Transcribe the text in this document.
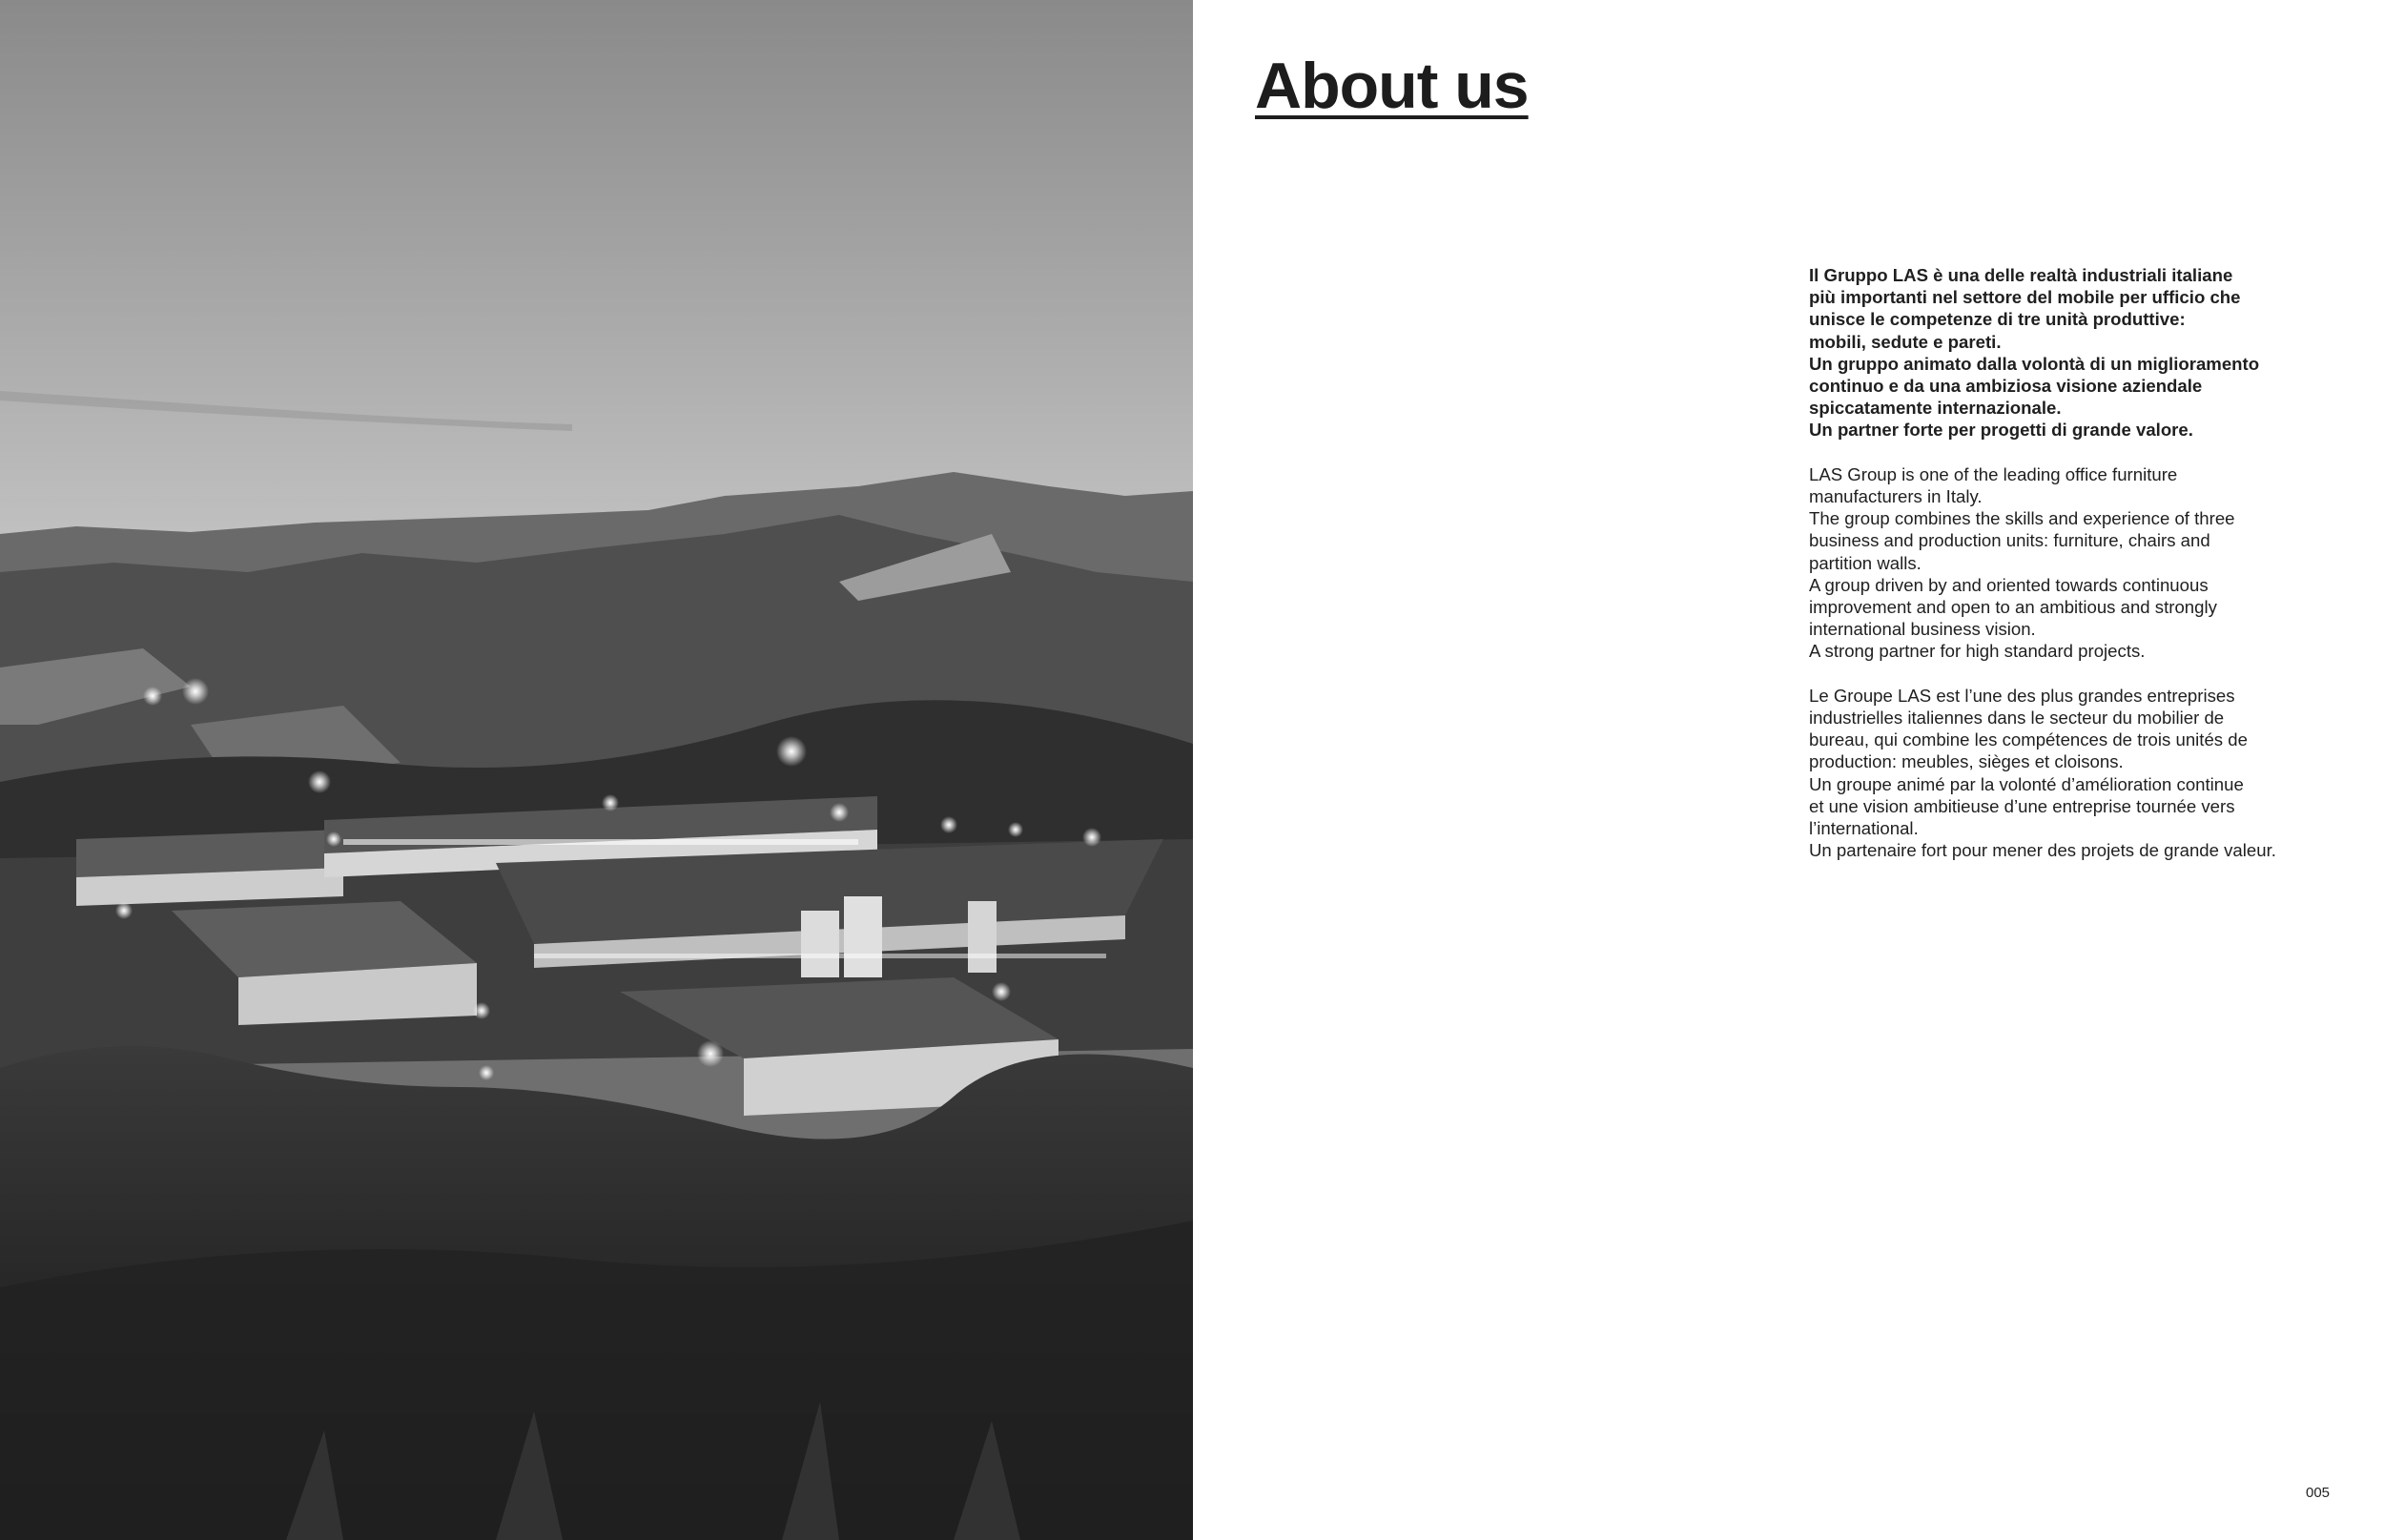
About us

Il Gruppo LAS è una delle realtà industriali italiane
più importanti nel settore del mobile per ufficio che
unisce le competenze di tre unità produttive:
mobili, sedute e pareti.
Un gruppo animato dalla volontà di un miglioramento
continuo e da una ambiziosa visione aziendale
spiccatamente internazionale.
Un partner forte per progetti di grande valore.

LAS Group is one of the leading office furniture
manufacturers in Italy.
The group combines the skills and experience of three
business and production units: furniture, chairs and
partition walls.
A group driven by and oriented towards continuous
improvement and open to an ambitious and strongly
international business vision.
A strong partner for high standard projects.

Le Groupe LAS est l’une des plus grandes entreprises
industrielles italiennes dans le secteur du mobilier de
bureau, qui combine les compétences de trois unités de
production: meubles, sièges et cloisons.
Un groupe animé par la volonté d’amélioration continue
et une vision ambitieuse d’une entreprise tournée vers
l’international.
Un partenaire fort pour mener des projets de grande valeur.

005
